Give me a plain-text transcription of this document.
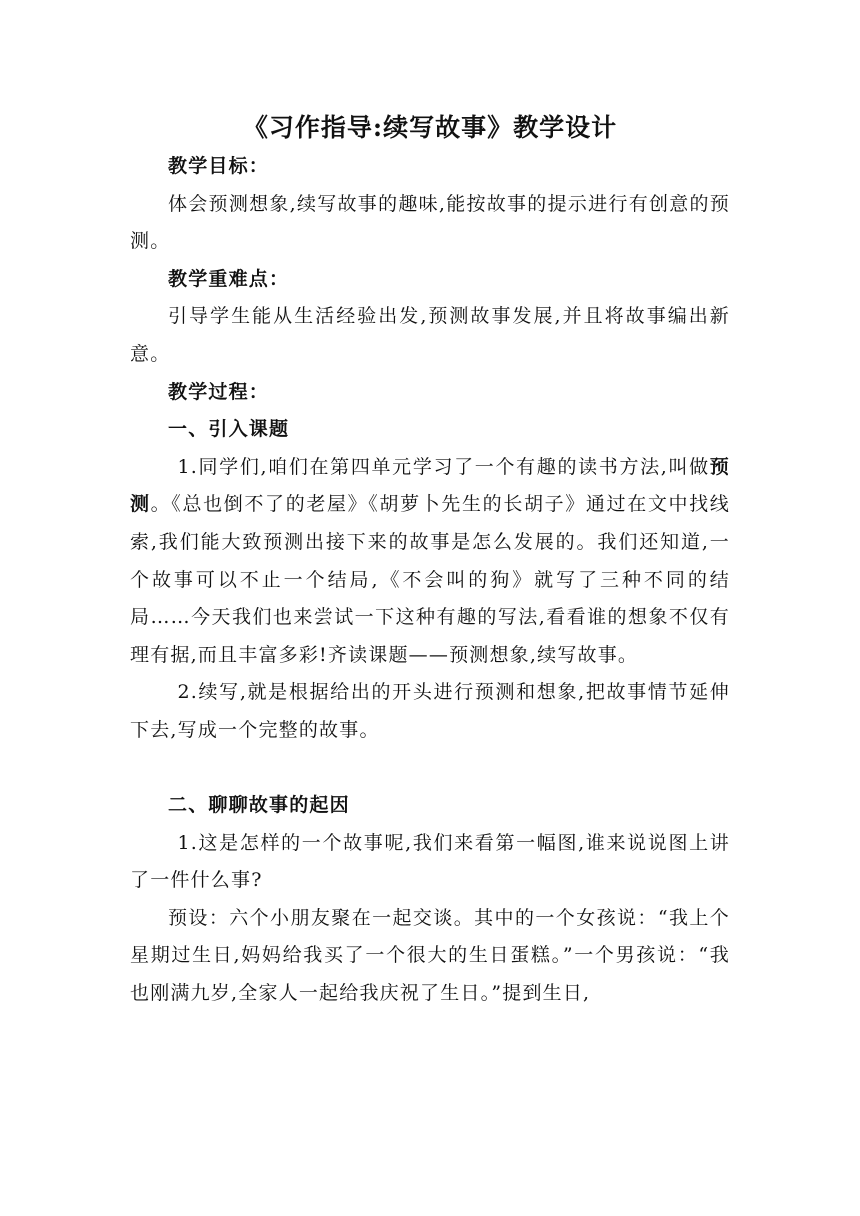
《习作指导:续写故事》教学设计

教学目标：

体会预测想象,续写故事的趣味,能按故事的提示进行有创意的预测。

教学重难点：

引导学生能从生活经验出发,预测故事发展,并且将故事编出新意。

教学过程：

一、引入课题

1.同学们,咱们在第四单元学习了一个有趣的读书方法,叫做预测。《总也倒不了的老屋》《胡萝卜先生的长胡子》通过在文中找线索,我们能大致预测出接下来的故事是怎么发展的。我们还知道,一个故事可以不止一个结局,《不会叫的狗》就写了三种不同的结局……今天我们也来尝试一下这种有趣的写法,看看谁的想象不仅有理有据,而且丰富多彩!齐读课题——预测想象,续写故事。

2.续写,就是根据给出的开头进行预测和想象,把故事情节延伸下去,写成一个完整的故事。

二、聊聊故事的起因

1.这是怎样的一个故事呢,我们来看第一幅图,谁来说说图上讲了一件什么事?

预设：六个小朋友聚在一起交谈。其中的一个女孩说：“我上个星期过生日,妈妈给我买了一个很大的生日蛋糕。”一个男孩说：“我也刚满九岁,全家人一起给我庆祝了生日。”提到生日,
